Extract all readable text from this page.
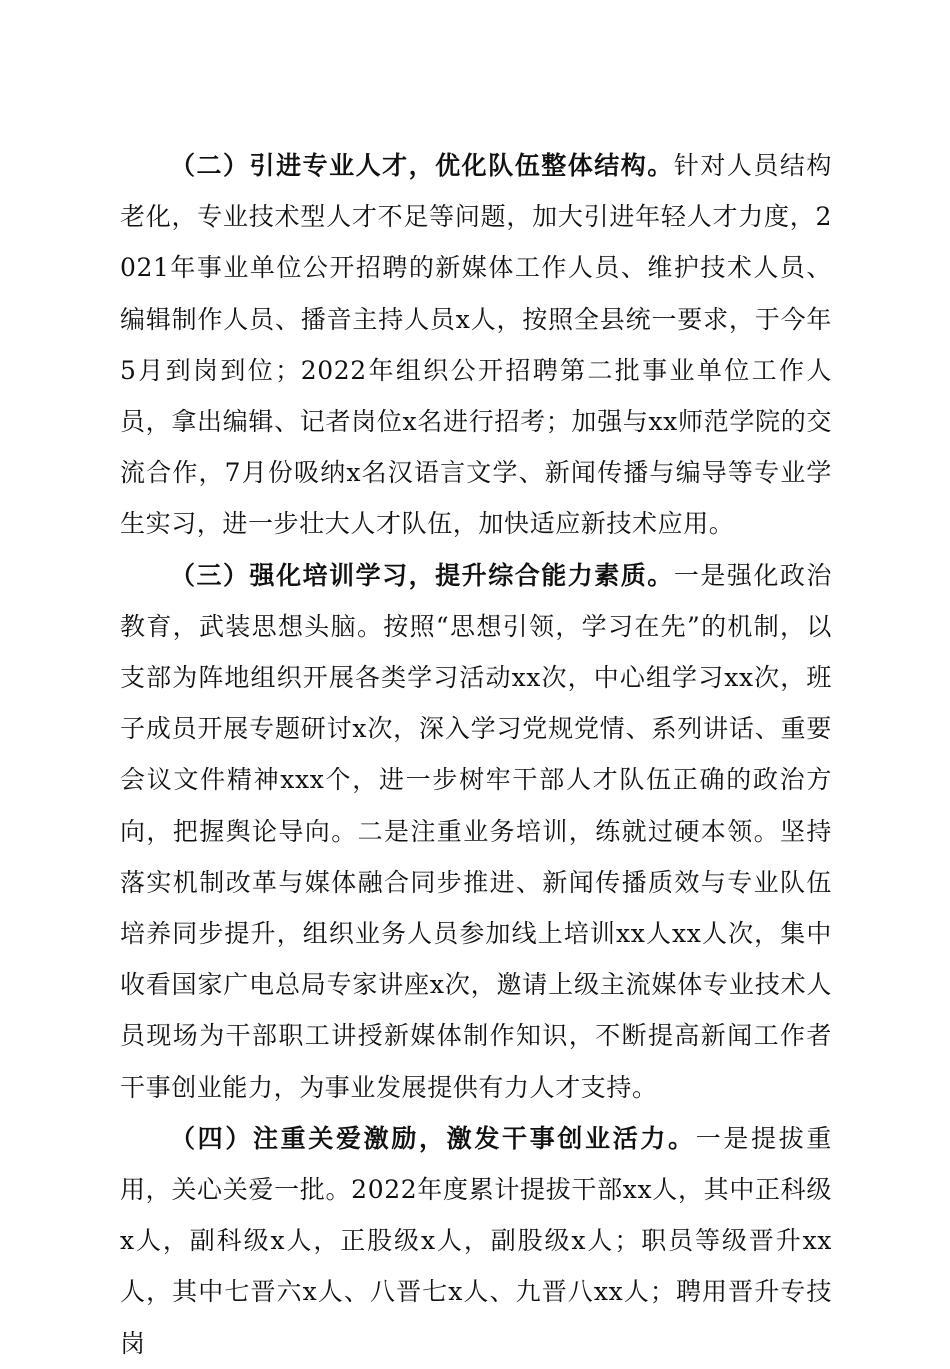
（二）引进专业人才，优化队伍整体结构。针对人员结构老化，专业技术型人才不足等问题，加大引进年轻人才力度，2021年事业单位公开招聘的新媒体工作人员、维护技术人员、编辑制作人员、播音主持人员x人，按照全县统一要求，于今年5月到岗到位；2022年组织公开招聘第二批事业单位工作人员，拿出编辑、记者岗位x名进行招考；加强与xx师范学院的交流合作，7月份吸纳x名汉语言文学、新闻传播与编导等专业学生实习，进一步壮大人才队伍，加快适应新技术应用。

（三）强化培训学习，提升综合能力素质。一是强化政治教育，武装思想头脑。按照“思想引领，学习在先”的机制，以支部为阵地组织开展各类学习活动xx次，中心组学习xx次，班子成员开展专题研讨x次，深入学习党规党情、系列讲话、重要会议文件精神xxx个，进一步树牢干部人才队伍正确的政治方向，把握舆论导向。二是注重业务培训，练就过硬本领。坚持落实机制改革与媒体融合同步推进、新闻传播质效与专业队伍培养同步提升，组织业务人员参加线上培训xx人xx人次，集中收看国家广电总局专家讲座x次，邀请上级主流媒体专业技术人员现场为干部职工讲授新媒体制作知识，不断提高新闻工作者干事创业能力，为事业发展提供有力人才支持。

（四）注重关爱激励，激发干事创业活力。一是提拔重用，关心关爱一批。2022年度累计提拔干部xx人，其中正科级x人，副科级x人，正股级x人，副股级x人；职员等级晋升xx人，其中七晋六x人、八晋七x人、九晋八xx人；聘用晋升专技岗
